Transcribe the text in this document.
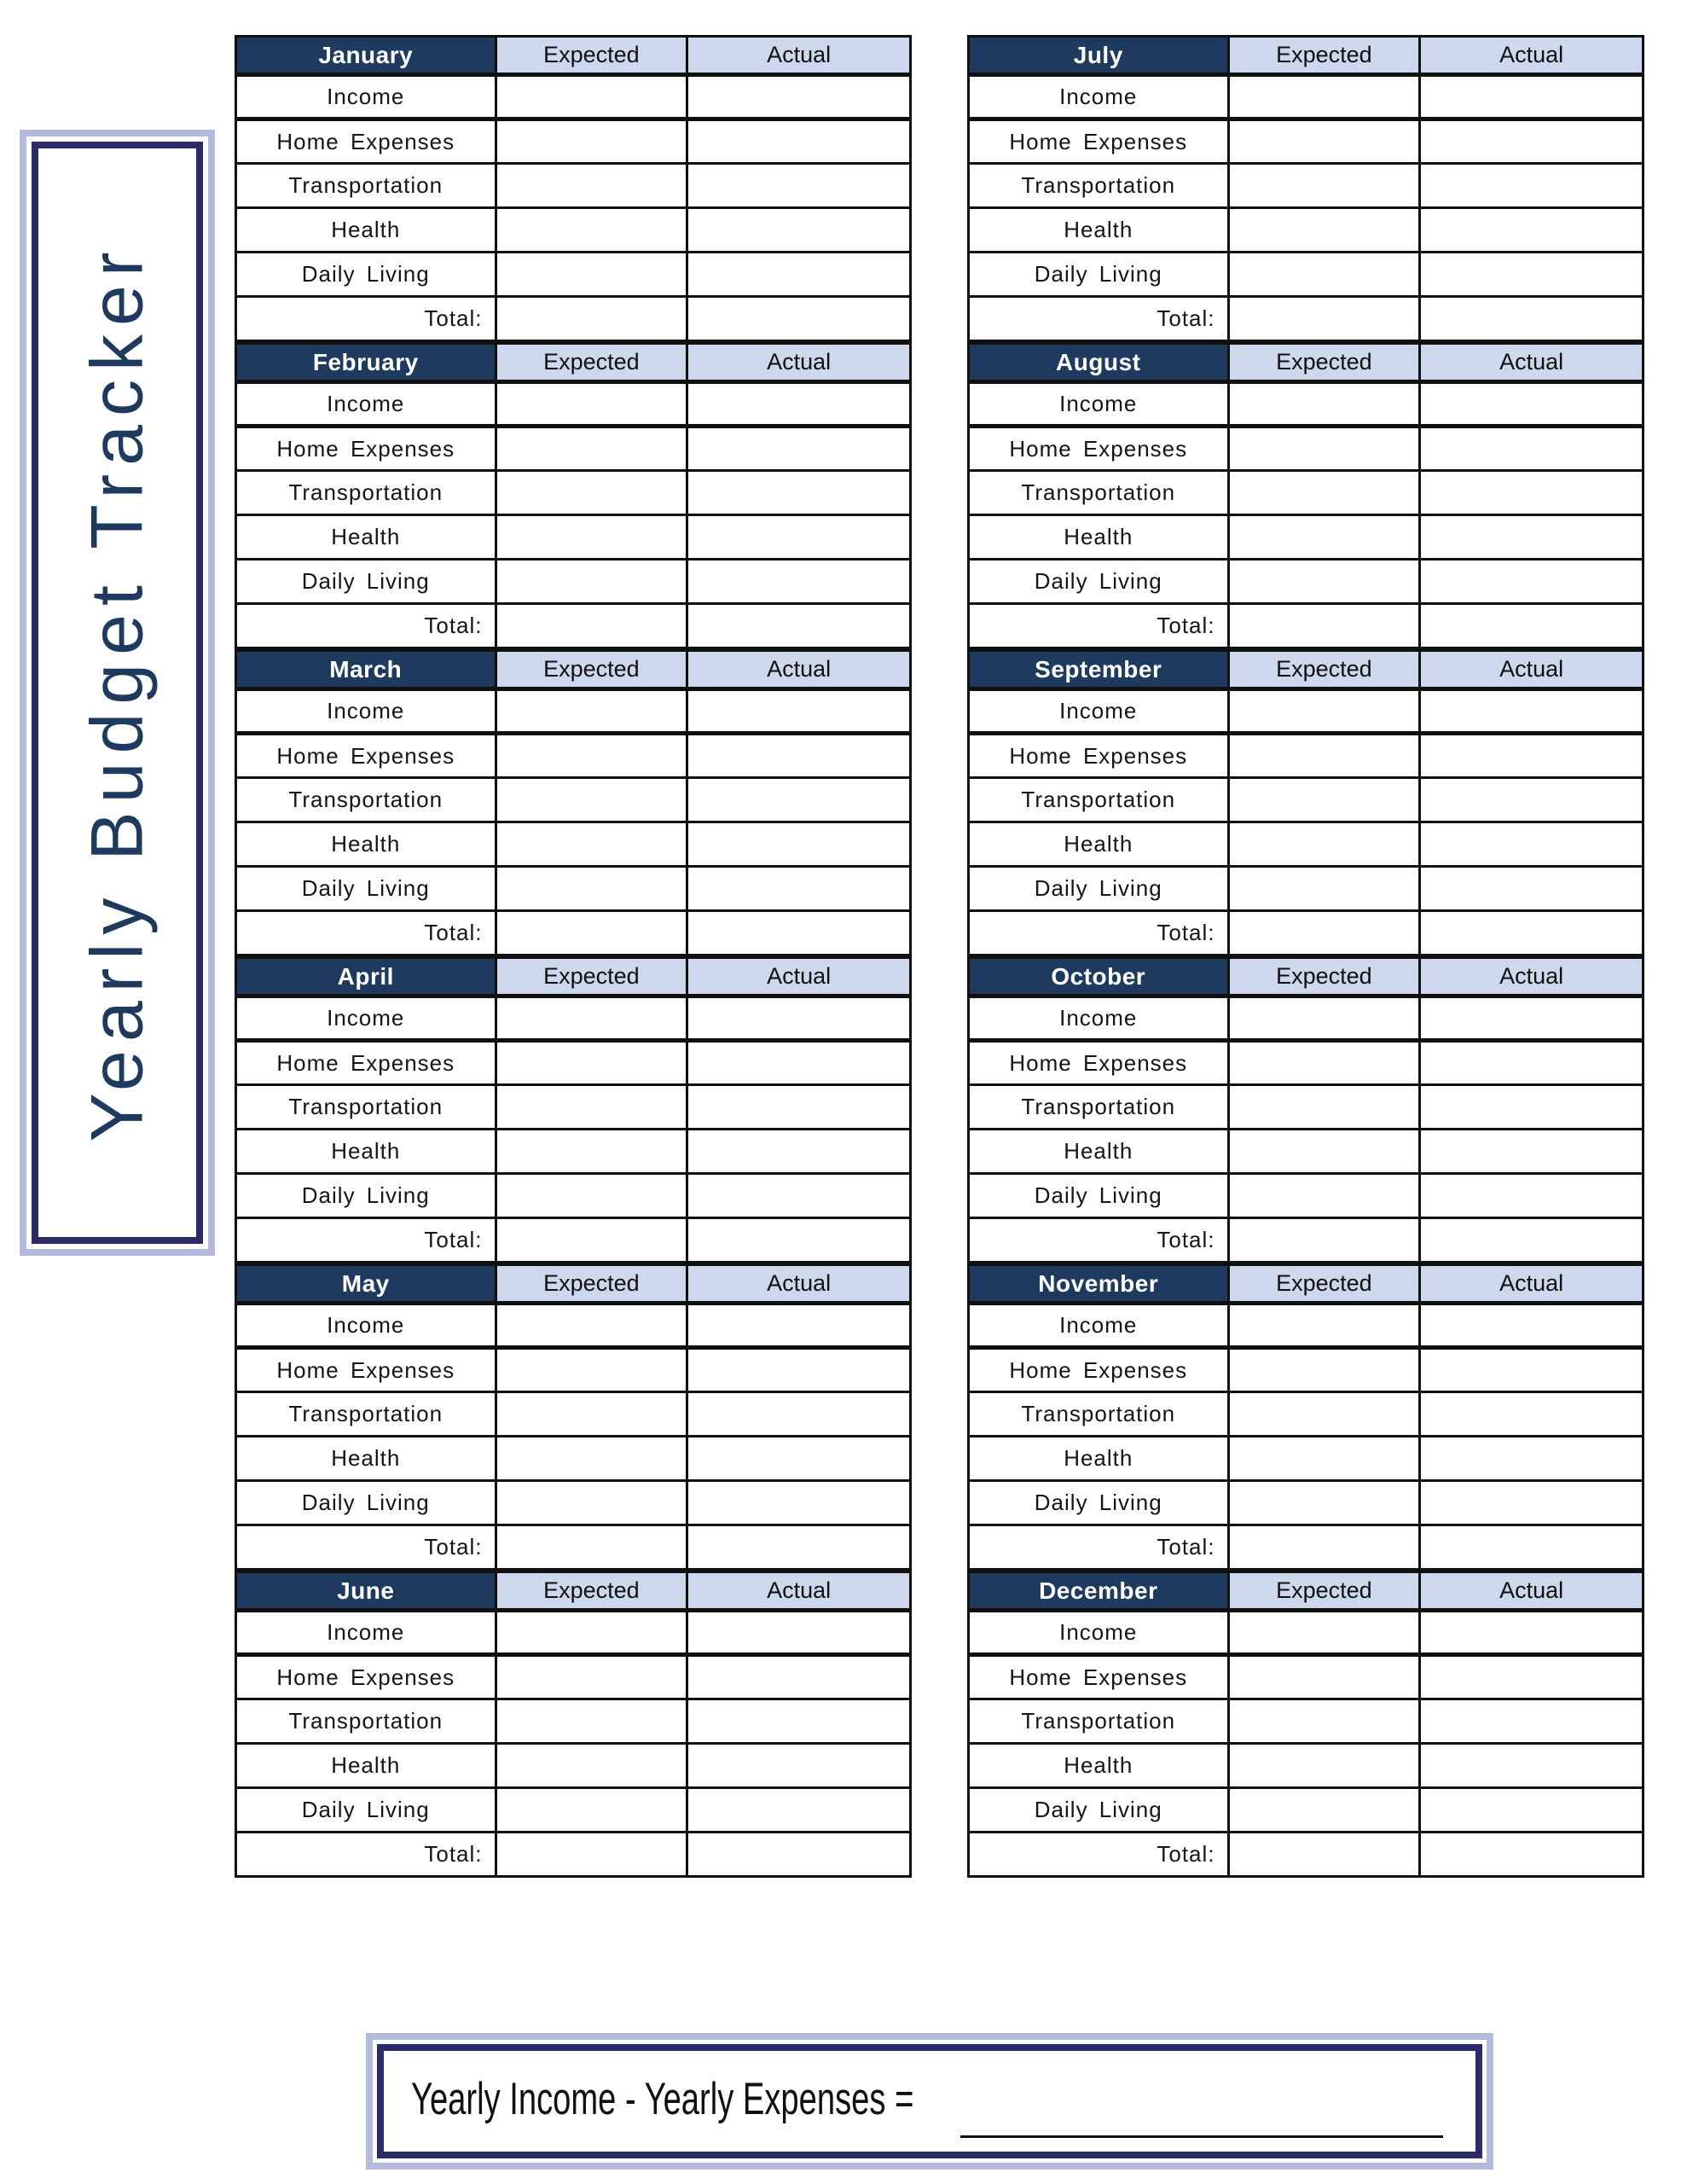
Yearly Budget Tracker
January	Expected	Actual
Income		
Home Expenses		
Transportation		
Health		
Daily Living		
Total:		
February	Expected	Actual
Income		
Home Expenses		
Transportation		
Health		
Daily Living		
Total:		
March	Expected	Actual
Income		
Home Expenses		
Transportation		
Health		
Daily Living		
Total:		
April	Expected	Actual
Income		
Home Expenses		
Transportation		
Health		
Daily Living		
Total:		
May	Expected	Actual
Income		
Home Expenses		
Transportation		
Health		
Daily Living		
Total:		
June	Expected	Actual
Income		
Home Expenses		
Transportation		
Health		
Daily Living		
Total:		
July	Expected	Actual
Income		
Home Expenses		
Transportation		
Health		
Daily Living		
Total:		
August	Expected	Actual
Income		
Home Expenses		
Transportation		
Health		
Daily Living		
Total:		
September	Expected	Actual
Income		
Home Expenses		
Transportation		
Health		
Daily Living		
Total:		
October	Expected	Actual
Income		
Home Expenses		
Transportation		
Health		
Daily Living		
Total:		
November	Expected	Actual
Income		
Home Expenses		
Transportation		
Health		
Daily Living		
Total:		
December	Expected	Actual
Income		
Home Expenses		
Transportation		
Health		
Daily Living		
Total:		
Yearly Income - Yearly Expenses =
